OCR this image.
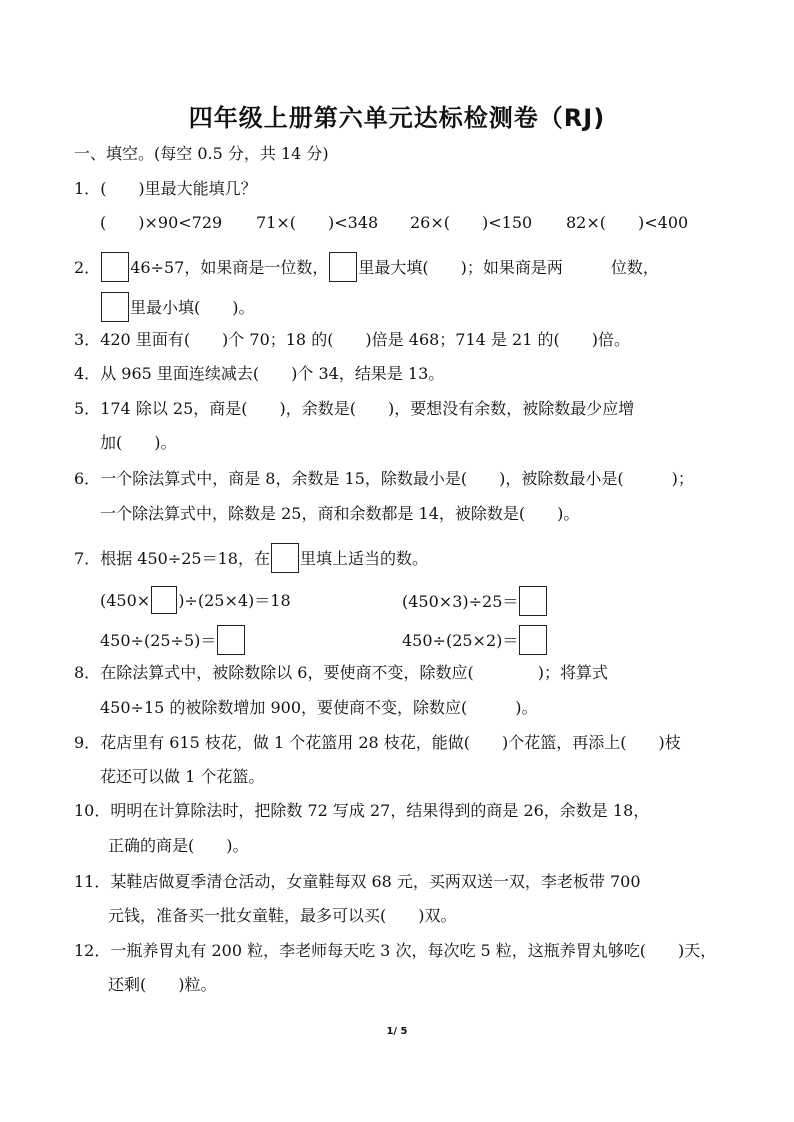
四年级上册第六单元达标检测卷（RJ)
一、填空。(每空 0.5 分，共 14 分)
1．(　　)里最大能填几？
(　　)×90<729 71×(　　)<348 26×(　　)<150 82×(　　)<400
2． 46÷57，如果商是一位数， 里最大填(　　)；如果商是两	位数，
里最小填(　　)。
3．420 里面有(　　)个 70；18 的(　　)倍是 468；714 是 21 的(　　)倍。
4．从 965 里面连续减去(　　)个 34，结果是 13。
5．174 除以 25，商是(　　)，余数是(　　)，要想没有余数，被除数最少应增
加(　　)。
6．一个除法算式中，商是 8，余数是 15，除数最小是(　　)，被除数最小是(　　　)；
一个除法算式中，除数是 25，商和余数都是 14，被除数是(　　)。
7．根据 450÷25＝18，在 里填上适当的数。
(450× )÷(25×4)＝18	(450×3)÷25＝
450÷(25÷5)＝	450÷(25×2)＝
8．在除法算式中，被除数除以 6，要使商不变，除数应(　　　　)；将算式
450÷15 的被除数增加 900，要使商不变，除数应(　　　)。
9．花店里有 615 枝花，做 1 个花篮用 28 枝花，能做(　　)个花篮，再添上(　　)枝
花还可以做 1 个花篮。
10．明明在计算除法时，把除数 72 写成 27，结果得到的商是 26，余数是 18，
正确的商是(　　)。
11．某鞋店做夏季清仓活动，女童鞋每双 68 元，买两双送一双，李老板带 700
元钱，准备买一批女童鞋，最多可以买(　　)双。
12．一瓶养胃丸有 200 粒，李老师每天吃 3 次，每次吃 5 粒，这瓶养胃丸够吃(　　)天，
还剩(　　)粒。
1/ 5
